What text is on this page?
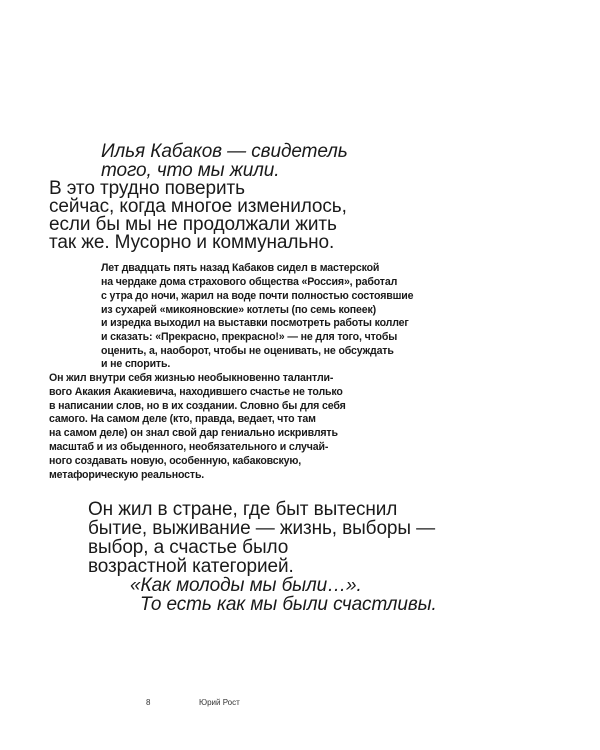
Илья Кабаков — свидетель

того, что мы жили.

В это трудно поверить

сейчас, когда многое изменилось,

если бы мы не продолжали жить

так же. Мусорно и коммунально.

Лет двадцать пять назад Кабаков сидел в мастерской

на чердаке дома страхового общества «Россия», работал

с утра до ночи, жарил на воде почти полностью состоявшие

из сухарей «микояновские» котлеты (по семь копеек)

и изредка выходил на выставки посмотреть работы коллег

и сказать: «Прекрасно, прекрасно!» — не для того, чтобы

оценить, а, наоборот, чтобы не оценивать, не обсуждать

и не спорить.

Он жил внутри себя жизнью необыкновенно талантли-

вого Акакия Акакиевича, находившего счастье не только

в написании слов, но в их создании. Словно бы для себя

самого. На самом деле (кто, правда, ведает, что там

на самом деле) он знал свой дар гениально искривлять

масштаб и из обыденного, необязательного и случай-

ного создавать новую, особенную, кабаковскую,

метафорическую реальность.

Он жил в стране, где быт вытеснил

бытие, выживание — жизнь, выборы —

выбор, а счастье было

возрастной категорией.

«Как молоды мы были…».

То есть как мы были счастливы.

8	Юрий Рост
